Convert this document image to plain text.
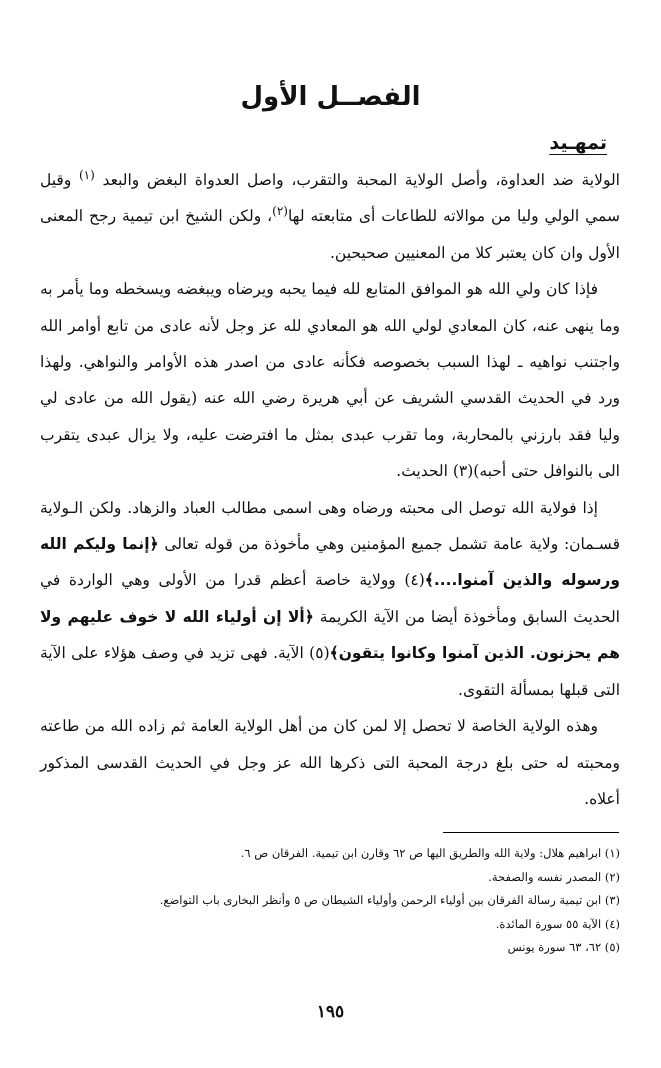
الفصــل الأول
تمهـيد

الولاية ضد العداوة، وأصل الولاية المحبة والتقرب، واصل العدواة البغض والبعد $^{(١)}$ وقيل سمي الولي وليا من موالاته للطاعات أى متابعته لها$^{(٢)}$، ولكن الشيخ ابن تيمية رجح المعنى الأول وان كان يعتبر كلا من المعنيين صحيحين.

فإذا كان ولي الله هو الموافق المتابع لله فيما يحبه ويرضاه ويبغضه ويسخطه وما يأمر به وما ينهى عنه، كان المعادي لولي الله هو المعادي لله عز وجل لأنه عادى من تابع أوامر الله واجتنب نواهيه ـ لهذا السبب بخصوصه فكأنه عادى من اصدر هذه الأوامر والنواهي. ولهذا ورد في الحديث القدسي الشريف عن أبي هريرة رضي الله عنه (يقول الله من عادى لي وليا فقد بارزني بالمحاربة، وما تقرب عبدى بمثل ما افترضت عليه، ولا يزال عبدى يتقرب الى بالنوافل حتى أحبه)(٣) الحديث.

إذا فولاية الله توصل الى محبته ورضاه وهى اسمى مطالب العباد والزهاد. ولكن الـولاية قسـمان: ولاية عامة تشمل جميع المؤمنين وهي مأخوذة من قوله تعالى ﴿إنما وليكم الله ورسوله والذين آمنوا....﴾(٤) وولاية خاصة أعظم قدرا من الأولى وهي الواردة في الحديث السابق ومأخوذة أيضا من الآية الكريمة ﴿ألا إن أولياء الله لا خوف عليهم ولا هم يحزنون. الذين آمنوا وكانوا يتقون﴾(٥) الآية. فهى تزيد في وصف هؤلاء على الآية التى قبلها بمسألة التقوى.

وهذه الولاية الخاصة لا تحصل إلا لمن كان من أهل الولاية العامة ثم زاده الله من طاعته ومحبته له حتى بلغ درجة المحبة التى ذكرها الله عز وجل في الحديث القدسى المذكور أعلاه.

(١) ابراهيم هلال: ولاية الله والطريق اليها ص ٦٢ وقارن ابن تيمية. الفرقان ص ٦.
(٢) المصدر نفسه والصفحة.
(٣) ابن تيمية رسالة الفرقان بين أولياء الرحمن وأولياء الشيطان ص ٥ وأنظر البخارى باب التواضع.
(٤) الآية ٥٥ سورة المائدة.
(٥) ٦٢، ٦٣ سورة يونس
١٩٥
